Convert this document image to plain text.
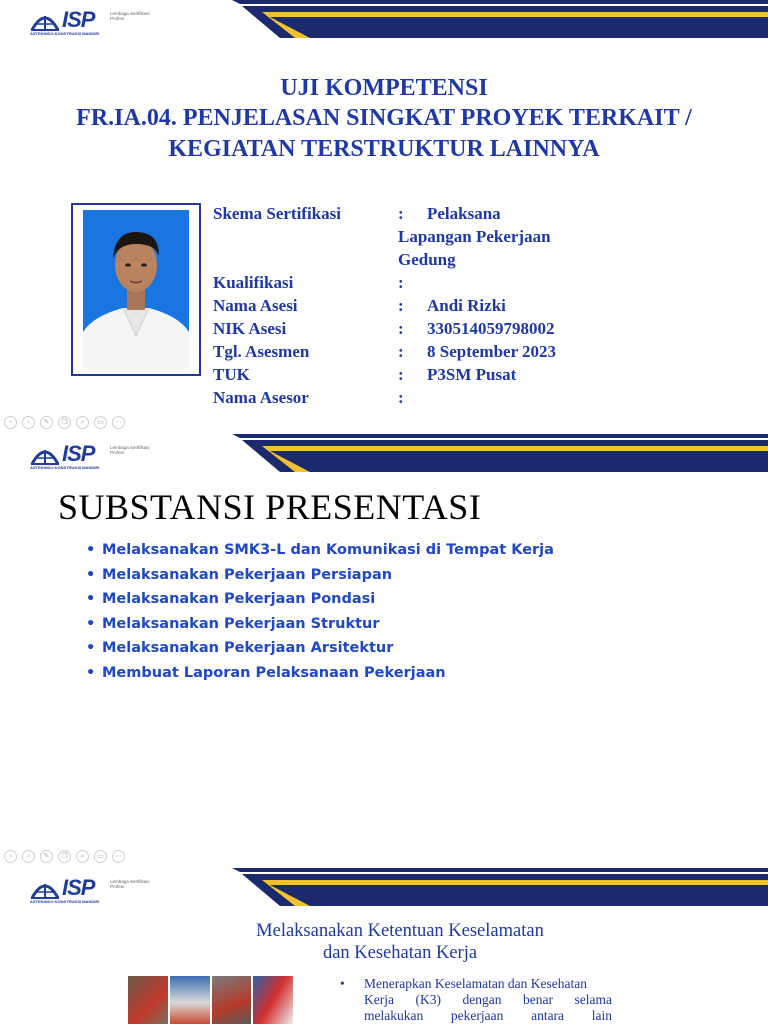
ISP	Lembaga Sertifikasi Profesi
ASTEKINDO KONSTRUKSI MANDIRI
UJI KOMPETENSI
FR.IA.04. PENJELASAN SINGKAT PROYEK TERKAIT /
KEGIATAN TERSTRUKTUR LAINNYA
Skema Sertifikasi	: Pelaksana
Lapangan Pekerjaan
Gedung
Kualifikasi	:
Nama Asesi	: Andi Rizki
NIK Asesi	: 330514059798002
Tgl. Asesmen	: 8 September 2023
TUK	: P3SM Pusat
Nama Asesor	:
‹	›	✎	❐	⌕	▭	⋯
ISP	Lembaga Sertifikasi Profesi
ASTEKINDO KONSTRUKSI MANDIRI
SUBSTANSI PRESENTASI
• Melaksanakan SMK3-L dan Komunikasi di Tempat Kerja
• Melaksanakan Pekerjaan Persiapan
• Melaksanakan Pekerjaan Pondasi
• Melaksanakan Pekerjaan Struktur
• Melaksanakan Pekerjaan Arsitektur
• Membuat Laporan Pelaksanaan Pekerjaan
‹	›	✎	❐	⌕	▭	⋯
ISP	Lembaga Sertifikasi Profesi
ASTEKINDO KONSTRUKSI MANDIRI
Melaksanakan Ketentuan Keselamatan
dan Kesehatan Kerja
•	Menerapkan Keselamatan dan Kesehatan
Kerja (K3) dengan benar selama
melakukan pekerjaan antara lain
